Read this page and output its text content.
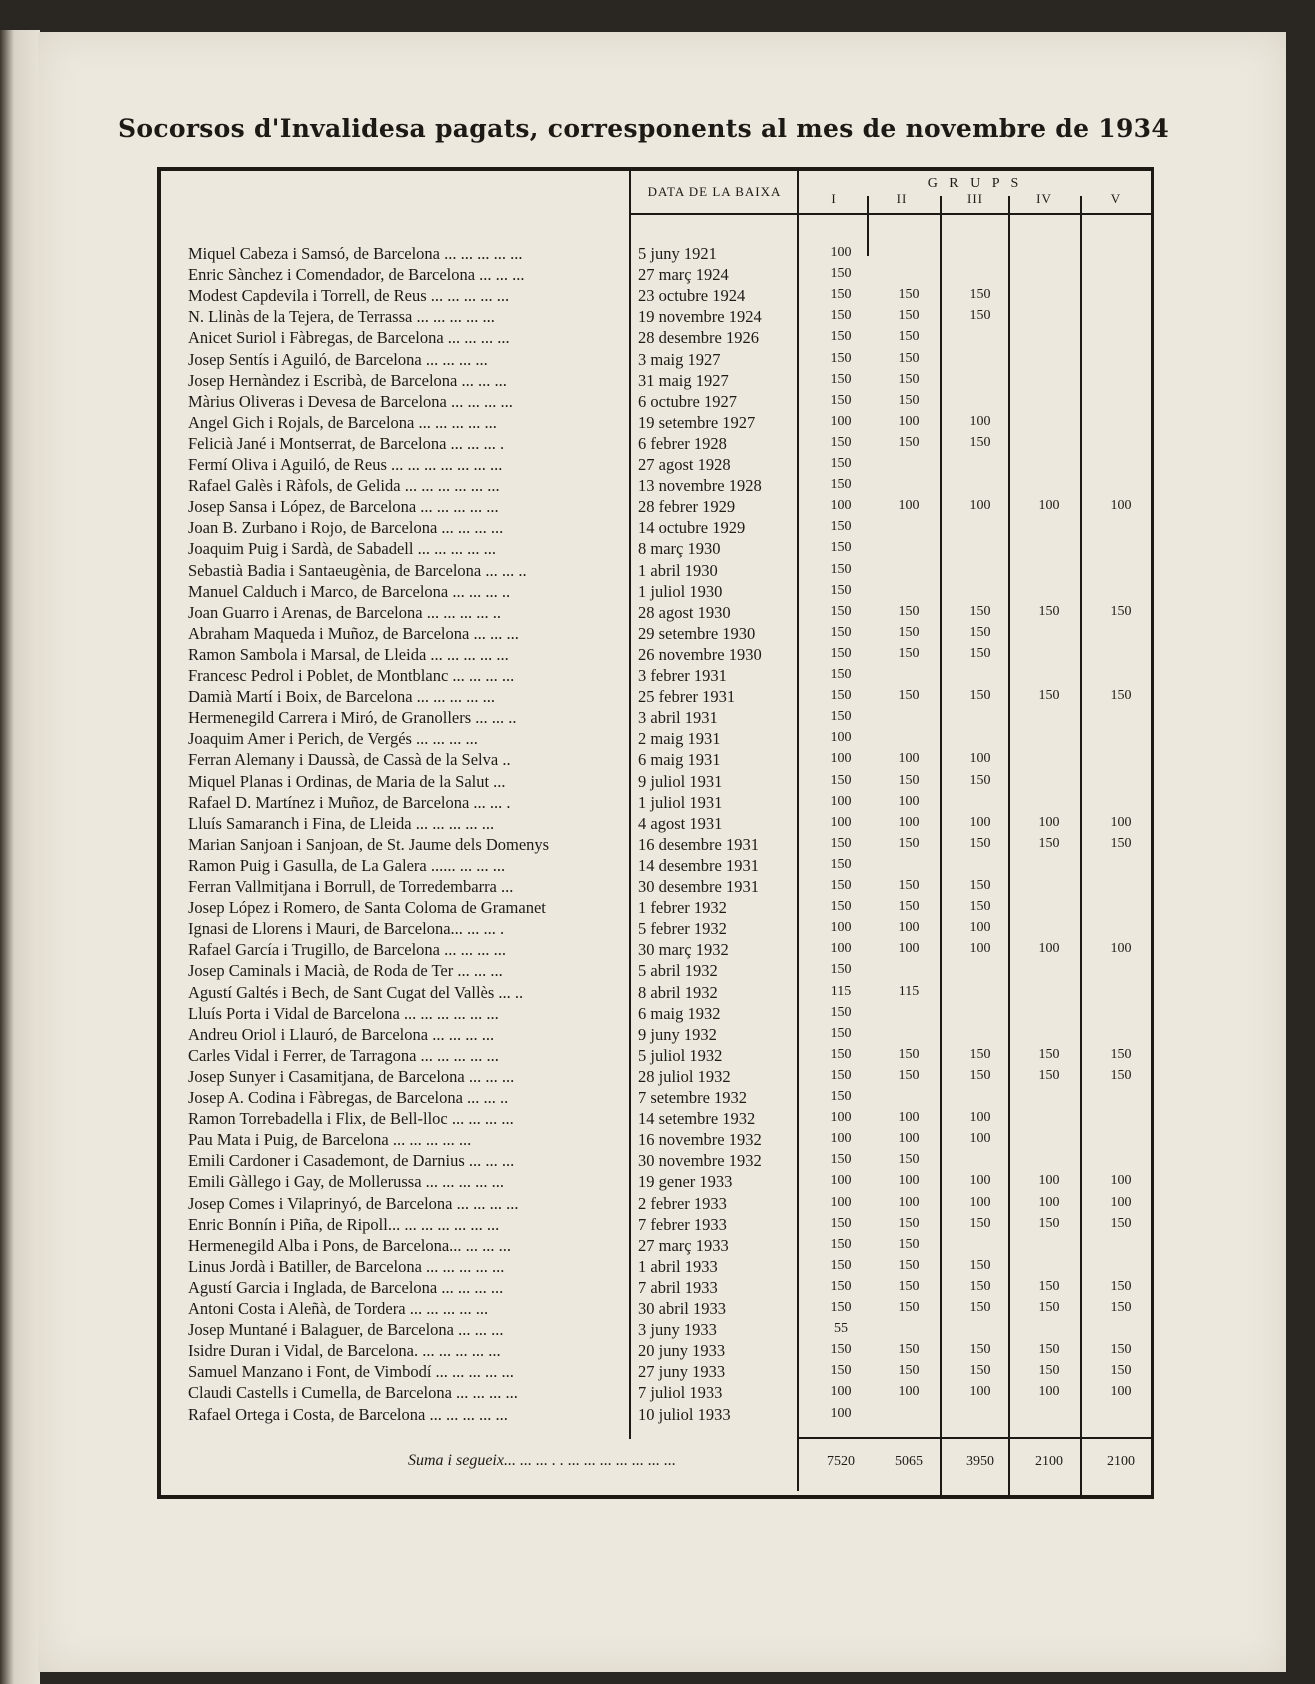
Socorsos d'Invalidesa pagats, corresponents al mes de novembre de 1934
DATA DE LA BAIXA
G R U P S
I	II	III	IV	V
Miquel Cabeza i Samsó, de Barcelona ... ... ... ... ...	5 juny 1921	100
Enric Sànchez i Comendador, de Barcelona ... ... ...	27 març 1924	150
Modest Capdevila i Torrell, de Reus ... ... ... ... ...	23 octubre 1924	150	150	150
N. Llinàs de la Tejera, de Terrassa ... ... ... ... ...	19 novembre 1924	150	150	150
Anicet Suriol i Fàbregas, de Barcelona ... ... ... ...	28 desembre 1926	150	150
Josep Sentís i Aguiló, de Barcelona ... ... ... ...	3 maig 1927	150	150
Josep Hernàndez i Escribà, de Barcelona ... ... ...	31 maig 1927	150	150
Màrius Oliveras i Devesa de Barcelona ... ... ... ...	6 octubre 1927	150	150
Angel Gich i Rojals, de Barcelona ... ... ... ... ...	19 setembre 1927	100	100	100
Felicià Jané i Montserrat, de Barcelona ... ... ... .	6 febrer 1928	150	150	150
Fermí Oliva i Aguiló, de Reus ... ... ... ... ... ... ...	27 agost 1928	150
Rafael Galès i Ràfols, de Gelida ... ... ... ... ... ...	13 novembre 1928	150
Josep Sansa i López, de Barcelona ... ... ... ... ...	28 febrer 1929	100	100	100	100	100
Joan B. Zurbano i Rojo, de Barcelona ... ... ... ...	14 octubre 1929	150
Joaquim Puig i Sardà, de Sabadell ... ... ... ... ...	8 març 1930	150
Sebastià Badia i Santaeugènia, de Barcelona ... ... ..	1 abril 1930	150
Manuel Calduch i Marco, de Barcelona ... ... ... ..	1 juliol 1930	150
Joan Guarro i Arenas, de Barcelona ... ... ... ... ..	28 agost 1930	150	150	150	150	150
Abraham Maqueda i Muñoz, de Barcelona ... ... ...	29 setembre 1930	150	150	150
Ramon Sambola i Marsal, de Lleida ... ... ... ... ...	26 novembre 1930	150	150	150
Francesc Pedrol i Poblet, de Montblanc ... ... ... ...	3 febrer 1931	150
Damià Martí i Boix, de Barcelona ... ... ... ... ...	25 febrer 1931	150	150	150	150	150
Hermenegild Carrera i Miró, de Granollers ... ... ..	3 abril 1931	150
Joaquim Amer i Perich, de Vergés ... ... ... ...	2 maig 1931	100
Ferran Alemany i Daussà, de Cassà de la Selva ..	6 maig 1931	100	100	100
Miquel Planas i Ordinas, de Maria de la Salut ...	9 juliol 1931	150	150	150
Rafael D. Martínez i Muñoz, de Barcelona ... ... .	1 juliol 1931	100	100
Lluís Samaranch i Fina, de Lleida ... ... ... ... ...	4 agost 1931	100	100	100	100	100
Marian Sanjoan i Sanjoan, de St. Jaume dels Domenys	16 desembre 1931	150	150	150	150	150
Ramon Puig i Gasulla, de La Galera ...... ... ... ...	14 desembre 1931	150
Ferran Vallmitjana i Borrull, de Torredembarra ...	30 desembre 1931	150	150	150
Josep López i Romero, de Santa Coloma de Gramanet	1 febrer 1932	150	150	150
Ignasi de Llorens i Mauri, de Barcelona... ... ... .	5 febrer 1932	100	100	100
Rafael García i Trugillo, de Barcelona ... ... ... ...	30 març 1932	100	100	100	100	100
Josep Caminals i Macià, de Roda de Ter ... ... ...	5 abril 1932	150
Agustí Galtés i Bech, de Sant Cugat del Vallès ... ..	8 abril 1932	115	115
Lluís Porta i Vidal de Barcelona ... ... ... ... ... ...	6 maig 1932	150
Andreu Oriol i Llauró, de Barcelona ... ... ... ...	9 juny 1932	150
Carles Vidal i Ferrer, de Tarragona ... ... ... ... ...	5 juliol 1932	150	150	150	150	150
Josep Sunyer i Casamitjana, de Barcelona ... ... ...	28 juliol 1932	150	150	150	150	150
Josep A. Codina i Fàbregas, de Barcelona ... ... ..	7 setembre 1932	150
Ramon Torrebadella i Flix, de Bell-lloc ... ... ... ...	14 setembre 1932	100	100	100
Pau Mata i Puig, de Barcelona ... ... ... ... ...	16 novembre 1932	100	100	100
Emili Cardoner i Casademont, de Darnius ... ... ...	30 novembre 1932	150	150
Emili Gàllego i Gay, de Mollerussa ... ... ... ... ...	19 gener 1933	100	100	100	100	100
Josep Comes i Vilaprinyó, de Barcelona ... ... ... ...	2 febrer 1933	100	100	100	100	100
Enric Bonnín i Piña, de Ripoll... ... ... ... ... ... ...	7 febrer 1933	150	150	150	150	150
Hermenegild Alba i Pons, de Barcelona... ... ... ...	27 març 1933	150	150
Linus Jordà i Batiller, de Barcelona ... ... ... ... ...	1 abril 1933	150	150	150
Agustí Garcia i Inglada, de Barcelona ... ... ... ...	7 abril 1933	150	150	150	150	150
Antoni Costa i Aleñà, de Tordera ... ... ... ... ...	30 abril 1933	150	150	150	150	150
Josep Muntané i Balaguer, de Barcelona ... ... ...	3 juny 1933	55
Isidre Duran i Vidal, de Barcelona. ... ... ... ... ...	20 juny 1933	150	150	150	150	150
Samuel Manzano i Font, de Vimbodí ... ... ... ... ...	27 juny 1933	150	150	150	150	150
Claudi Castells i Cumella, de Barcelona ... ... ... ...	7 juliol 1933	100	100	100	100	100
Rafael Ortega i Costa, de Barcelona ... ... ... ... ...	10 juliol 1933	100
Suma i segueix... ... ... . . ... ... ... ... ... ... ...	7520	5065	3950	2100	2100
